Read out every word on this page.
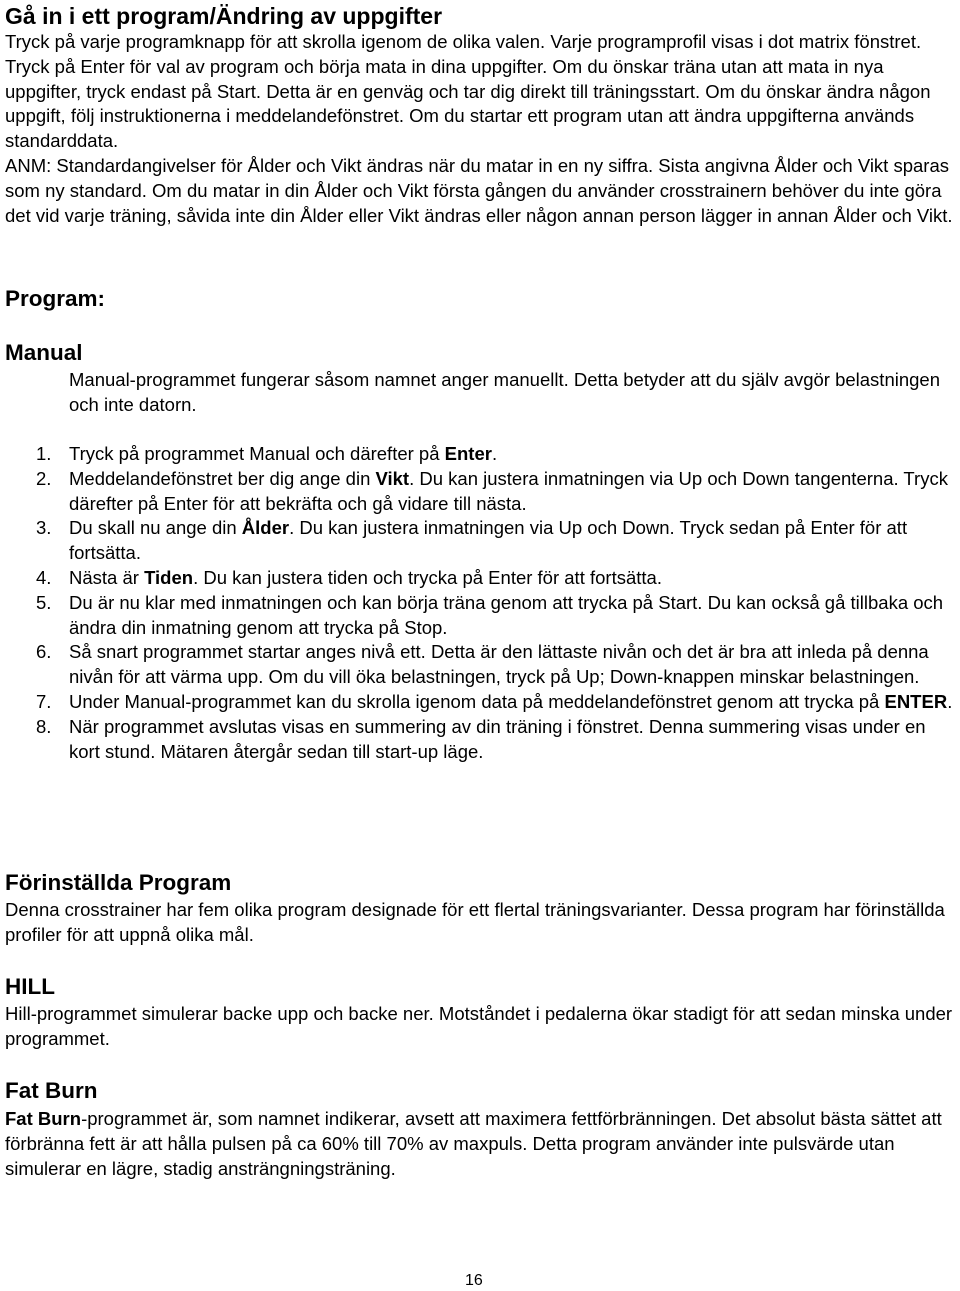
Gå in i ett program/Ändring av uppgifter

Tryck på varje programknapp för att skrolla igenom de olika valen. Varje programprofil visas i dot matrix fönstret. Tryck på Enter för val av program och börja mata in dina uppgifter. Om du önskar träna utan att mata in nya uppgifter, tryck endast på Start. Detta är en genväg och tar dig direkt till träningsstart. Om du önskar ändra någon uppgift, följ instruktionerna i meddelandefönstret. Om du startar ett program utan att ändra uppgifterna används standarddata.

ANM: Standardangivelser för Ålder och Vikt ändras när du matar in en ny siffra. Sista angivna Ålder och Vikt sparas som ny standard. Om du matar in din Ålder och Vikt första gången du använder crosstrainern behöver du inte göra det vid varje träning, såvida inte din Ålder eller Vikt ändras eller någon annan person lägger in annan Ålder och Vikt.

Program:
Manual

Manual-programmet fungerar såsom namnet anger manuellt. Detta betyder att du själv avgör belastningen och inte datorn.

1. Tryck på programmet Manual och därefter på Enter.
2. Meddelandefönstret ber dig ange din Vikt. Du kan justera inmatningen via Up och Down tangenterna. Tryck därefter på Enter för att bekräfta och gå vidare till nästa.
3. Du skall nu ange din Ålder. Du kan justera inmatningen via Up och Down. Tryck sedan på Enter för att fortsätta.
4. Nästa är Tiden. Du kan justera tiden och trycka på Enter för att fortsätta.
5. Du är nu klar med inmatningen och kan börja träna genom att trycka på Start. Du kan också gå tillbaka och ändra din inmatning genom att trycka på Stop.
6. Så snart programmet startar anges nivå ett. Detta är den lättaste nivån och det är bra att inleda på denna nivån för att värma upp. Om du vill öka belastningen, tryck på Up; Down-knappen minskar belastningen.
7. Under Manual-programmet kan du skrolla igenom data på meddelandefönstret genom att trycka på ENTER.
8. När programmet avslutas visas en summering av din träning i fönstret. Denna summering visas under en kort stund. Mätaren återgår sedan till start-up läge.
Förinställda Program

Denna crosstrainer har fem olika program designade för ett flertal träningsvarianter. Dessa program har förinställda profiler för att uppnå olika mål.

HILL

Hill-programmet simulerar backe upp och backe ner. Motståndet i pedalerna ökar stadigt för att sedan minska under programmet.

Fat Burn

Fat Burn-programmet är, som namnet indikerar, avsett att maximera fettförbränningen. Det absolut bästa sättet att förbränna fett är att hålla pulsen på ca 60% till 70% av maxpuls. Detta program använder inte pulsvärde utan simulerar en lägre, stadig ansträngningsträning.

16
